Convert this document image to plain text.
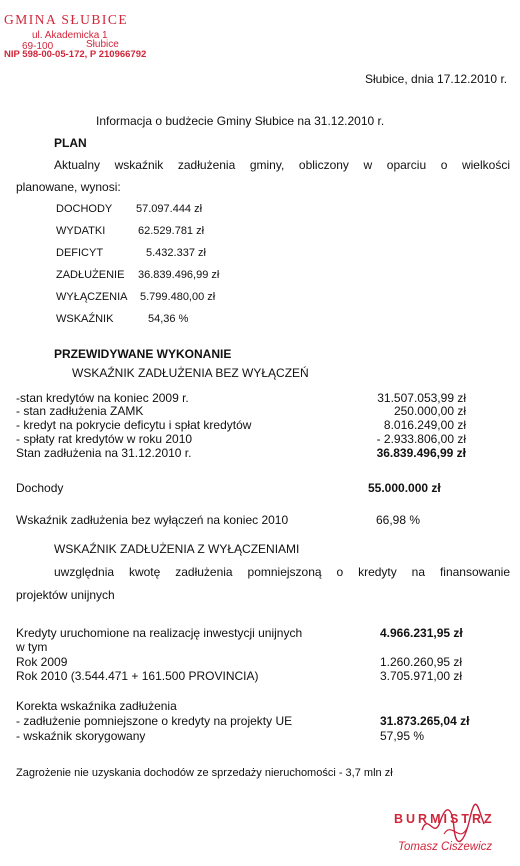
GMINA SŁUBICE
ul. Akademicka 1
69-100	Słubice
NIP 598-00-05-172, P 210966792
Słubice, dnia 17.12.2010 r.
Informacja o budżecie Gminy Słubice na 31.12.2010 r.
PLAN
Aktualny wskaźnik zadłużenia gminy, obliczony w oparciu o wielkości
planowane, wynosi:
DOCHODY 57.097.444 zł
WYDATKI	62.529.781 zł
DEFICYT	5.432.337 zł
ZADŁUŻENIE 36.839.496,99 zł
WYŁĄCZENIA 5.799.480,00 zł
WSKAŹNIK	54,36 %
PRZEWIDYWANE WYKONANIE
WSKAŹNIK ZADŁUŻENIA BEZ WYŁĄCZEŃ
-stan kredytów na koniec 2009 r.	31.507.053,99 zł
- stan zadłużenia ZAMK	250.000,00 zł
- kredyt na pokrycie deficytu i spłat kredytów	8.016.249,00 zł
- spłaty rat kredytów w roku 2010	- 2.933.806,00 zł
Stan zadłużenia na 31.12.2010 r.	36.839.496,99 zł
Dochody	55.000.000 zł
Wskaźnik zadłużenia bez wyłączeń na koniec 2010	66,98 %
WSKAŹNIK ZADŁUŻENIA Z WYŁĄCZENIAMI
uwzględnia kwotę zadłużenia pomniejszoną o kredyty na finansowanie
projektów unijnych
Kredyty uruchomione na realizację inwestycji unijnych	4.966.231,95 zł
w tym
Rok 2009	1.260.260,95 zł
Rok 2010 (3.544.471 + 161.500 PROVINCIA)	3.705.971,00 zł
Korekta wskaźnika zadłużenia
- zadłużenie pomniejszone o kredyty na projekty UE	31.873.265,04 zł
- wskaźnik skorygowany	57,95 %
Zagrożenie nie uzyskania dochodów ze sprzedaży nieruchomości - 3,7 mln zł
BURMISTRZ
Tomasz Ciszewicz
